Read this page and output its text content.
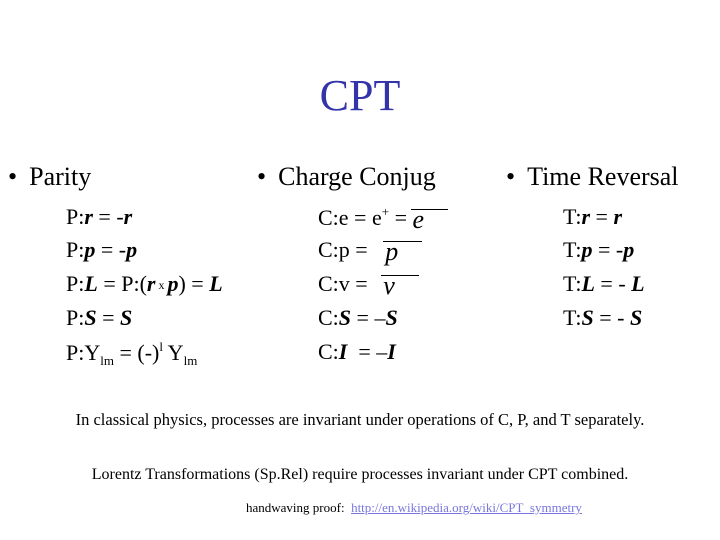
CPT
• Parity	• Charge Conjug	• Time Reversal
P:r = -r
P:p = -p
P:L = P:(r x p) = L
P:S = S
$P:Y_{lm} = (-)^l$ $Y_{lm}$
C:e = e+ = e
C:p = p
C:v = v
C:S = –S
C:I  = –I
T:r = r
T:p = -p
T:L = - L
T:S = - S
In classical physics, processes are invariant under operations of C, P, and T separately.
Lorentz Transformations (Sp.Rel) require processes invariant under CPT combined.
handwaving proof:  http://en.wikipedia.org/wiki/CPT_symmetry
